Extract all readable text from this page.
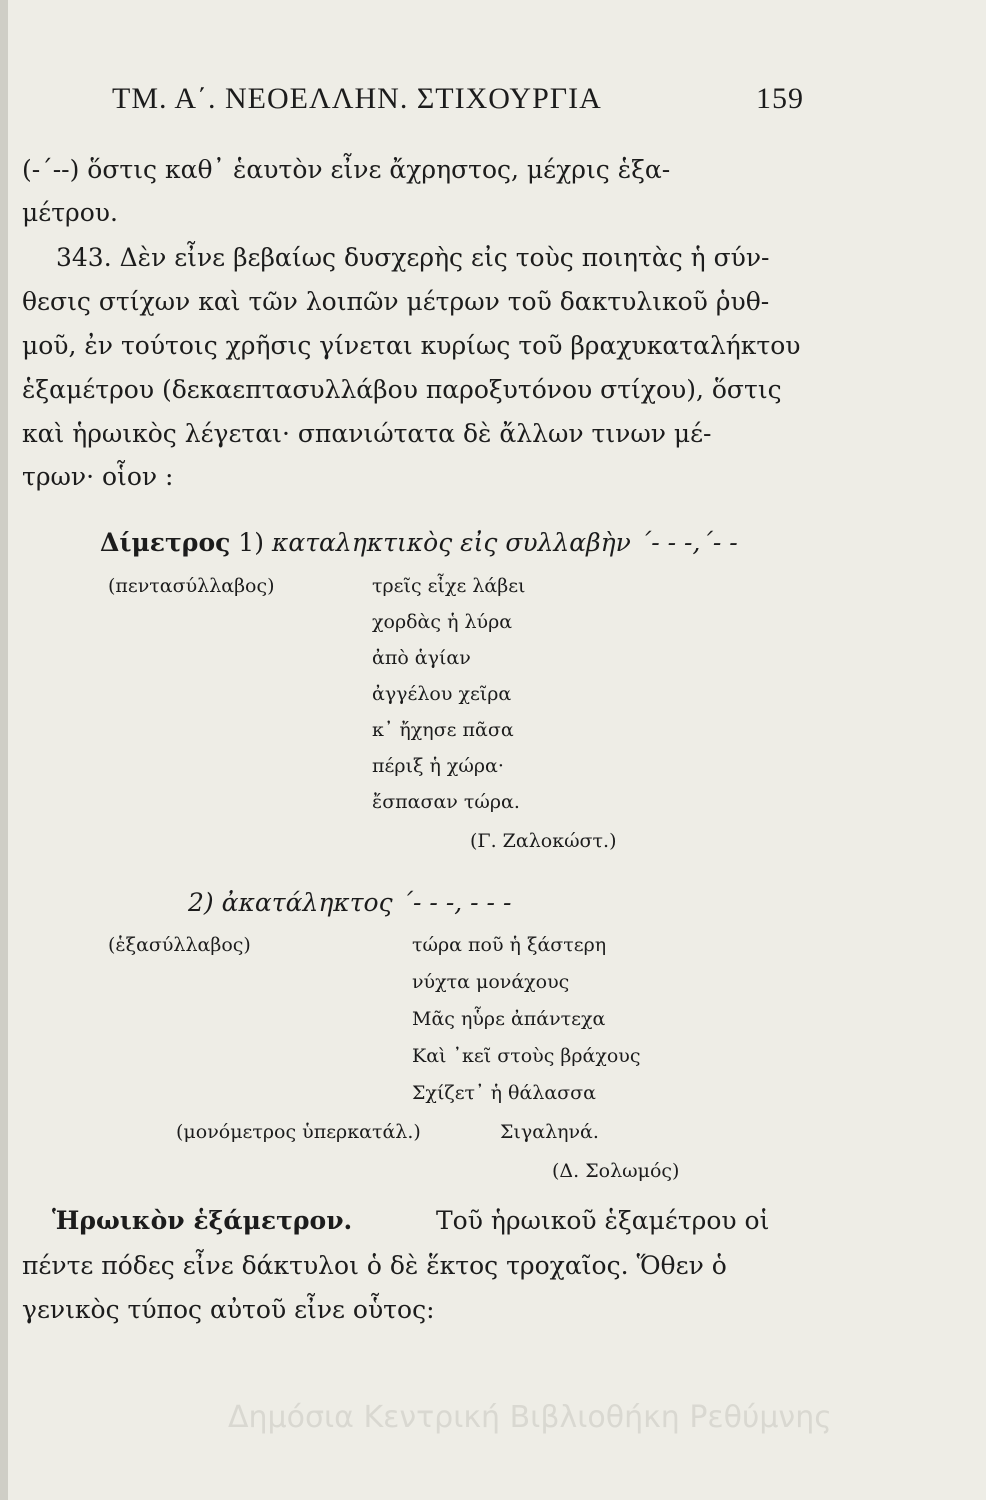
ΤΜ. Α΄. ΝΕΟΕΛΛΗΝ. ΣΤΙΧΟΥΡΓΙΑ	159
(-΄--) ὅστις καθ᾽ ἑαυτὸν εἶνε ἄχρηστος, μέχρις ἑξα-
μέτρου.
343. Δὲν εἶνε βεβαίως δυσχερὴς εἰς τοὺς ποιητὰς ἡ σύν-
θεσις στίχων καὶ τῶν λοιπῶν μέτρων τοῦ δακτυλικοῦ ῥυθ-
μοῦ, ἐν τούτοις χρῆσις γίνεται κυρίως τοῦ βραχυκαταλήκτου
ἑξαμέτρου (δεκαεπτασυλλάβου παροξυτόνου στίχου), ὅστις
καὶ ἡρωικὸς λέγεται· σπανιώτατα δὲ ἄλλων τινων μέ-
τρων· οἷον :
Δίμετρος 1) καταληκτικὸς εἰς συλλαβὴν ΄- - -,΄- -
(πεντασύλλαβος)	τρεῖς εἶχε λάβει
χορδὰς ἡ λύρα
ἀπὸ ἁγίαν
ἀγγέλου χεῖρα
κ᾽ ἤχησε πᾶσα
πέριξ ἡ χώρα·
ἔσπασαν τώρα.
(Γ. Ζαλοκώστ.)
2) ἀκατάληκτος ΄- - -, - - -
(ἑξασύλλαβος)	τώρα ποῦ ἡ ξάστερη
νύχτα μονάχους
Μᾶς ηὗρε ἀπάντεχα
Καὶ ᾽κεῖ στοὺς βράχους
Σχίζετ᾽ ἡ θάλασσα
(μονόμετρος ὑπερκατάλ.)	Σιγαληνά.
(Δ. Σολωμός)
Ἡρωικὸν ἑξάμετρον.	Τοῦ ἡρωικοῦ ἑξαμέτρου οἱ
πέντε πόδες εἶνε δάκτυλοι ὁ δὲ ἕκτος τροχαῖος. Ὅθεν ὁ
γενικὸς τύπος αὐτοῦ εἶνε οὗτος:
Δημόσια Κεντρική Βιβλιοθήκη Ρεθύμνης
